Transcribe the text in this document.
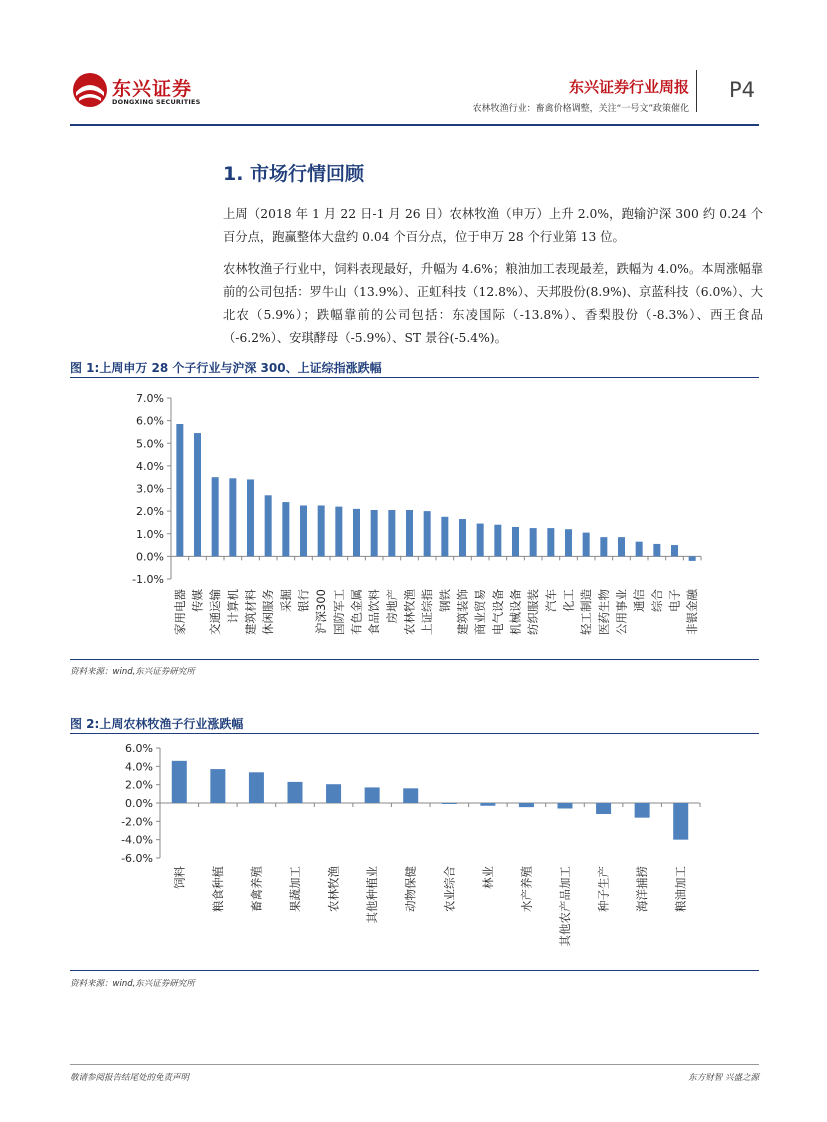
东兴证券
DONGXING SECURITIES
东兴证券行业周报
农林牧渔行业：畜禽价格调整，关注“一号文”政策催化
P4
1. 市场行情回顾

上周（2018 年 1 月 22 日-1 月 26 日）农林牧渔（申万）上升 2.0%，跑输沪深 300 约 0.24 个百分点，跑赢整体大盘约 0.04 个百分点，位于申万 28 个行业第 13 位。

农林牧渔子行业中，饲料表现最好，升幅为 4.6%；粮油加工表现最差，跌幅为 4.0%。本周涨幅靠前的公司包括：罗牛山（13.9%）、正虹科技（12.8%）、天邦股份(8.9%)、京蓝科技（6.0%）、大北农（5.9%）；跌幅靠前的公司包括：东凌国际（-13.8%）、香梨股份（-8.3%）、西王食品（-6.2%）、安琪酵母（-5.9%）、ST 景谷(-5.4%)。

图 1:上周申万 28 个子行业与沪深 300、上证综指涨跌幅
7.0%
6.0%
5.0%
4.0%
3.0%
2.0%
1.0%
0.0%
-1.0%
家用电器 传媒 交通运输 计算机 建筑材料 休闲服务 采掘 银行 沪深300 国防军工 有色金属 食品饮料 房地产 农林牧渔 上证综指 钢铁 建筑装饰 商业贸易 电气设备 机械设备 纺织服装 汽车 化工 轻工制造 医药生物 公用事业 通信 综合 电子 非银金融
资料来源：wind,东兴证券研究所
图 2:上周农林牧渔子行业涨跌幅
6.0%
4.0%
2.0%
0.0%
-2.0%
-4.0%
-6.0%
饲料 粮食种植 畜禽养殖 果蔬加工 农林牧渔 其他种植业 动物保健 农业综合 林业 水产养殖 其他农产品加工 种子生产 海洋捕捞 粮油加工
资料来源：wind,东兴证券研究所
敬请参阅报告结尾处的免责声明	东方财智 兴盛之源
